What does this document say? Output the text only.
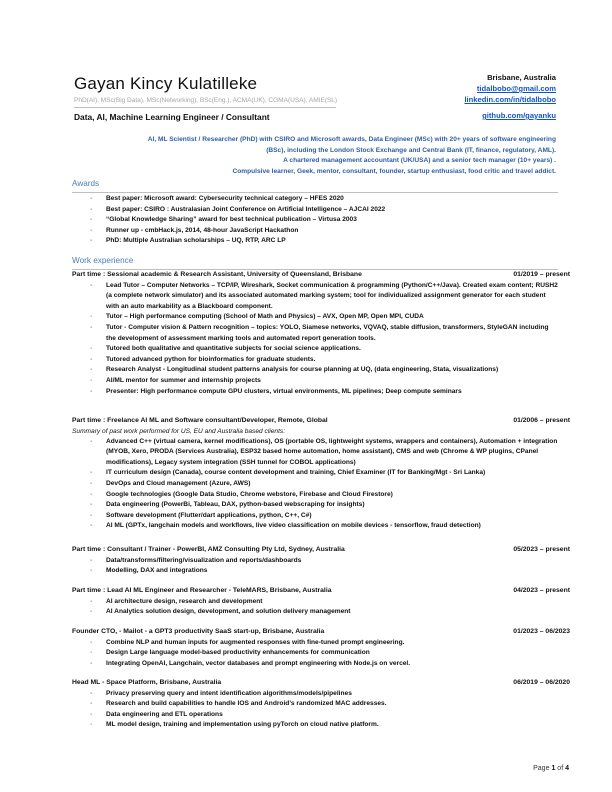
Gayan Kincy Kulatilleke
PhD(AI), MSc(Big Data), MSc(Networking), BSc(Eng.), ACMA(UK), CGMA(USA), AMIE(SL)
Data, AI, Machine Learning Engineer / Consultant
Brisbane, Australia
tidalbobo@gmail.com
linkedin.com/in/tidalbobo
github.com/gayanku
AI, ML Scientist / Researcher (PhD) with CSIRO and Microsoft awards, Data Engineer (MSc) with 20+ years of software engineering
(BSc), including the London Stock Exchange and Central Bank (IT, finance, regulatory, AML).
A chartered management accountant (UK/USA) and a senior tech manager (10+ years) .
Compulsive learner, Geek, mentor, consultant, founder, startup enthusiast, food critic and travel addict.
Awards
▪ Best paper: Microsoft award: Cybersecurity technical category – HFES 2020
▪ Best paper: CSIRO : Australasian Joint Conference on Artificial Intelligence – AJCAI 2022
▪ “Global Knowledge Sharing” award for best technical publication – Virtusa 2003
▪ Runner up - cmbHack.js, 2014, 48-hour JavaScript Hackathon
▪ PhD: Multiple Australian scholarships – UQ, RTP, ARC LP
Work experience
Part time : Sessional academic & Research Assistant, University of Queensland, Brisbane	01/2019 – present
▪ Lead Tutor – Computer Networks – TCP/IP, Wireshark, Socket communication & programming (Python/C++/Java). Created exam content; RUSH2 (a complete network simulator) and its associated automated marking system; tool for individualized assignment generator for each student with an auto markability as a Blackboard component.
▪ Tutor – High performance computing (School of Math and Physics) – AVX, Open MP, Open MPI, CUDA
▪ Tutor - Computer vision & Pattern recognition – topics: YOLO, Siamese networks, VQVAQ, stable diffusion, transformers, StyleGAN including the development of assessment marking tools and automated report generation tools.
▪ Tutored both qualitative and quantitative subjects for social science applications.
▪ Tutored advanced python for bioinformatics for graduate students.
▪ Research Analyst - Longitudinal student patterns analysis for course planning at UQ, (data engineering, Stata, visualizations)
▪ AI/ML mentor for summer and internship projects
▪ Presenter: High performance compute GPU clusters, virtual environments, ML pipelines; Deep compute seminars
Part time : Freelance AI ML and Software consultant/Developer, Remote, Global	01/2006 – present
Summary of past work performed for US, EU and Australia based clients:
▪ Advanced C++ (virtual camera, kernel modifications), OS (portable OS, lightweight systems, wrappers and containers), Automation + integration (MYOB, Xero, PRODA (Services Australia), ESP32 based home automation, home assistant), CMS and web (Chrome & WP plugins, CPanel modifications), Legacy system integration (SSH tunnel for COBOL applications)
▪ IT curriculum design (Canada), course content development and training, Chief Examiner (IT for Banking/Mgt - Sri Lanka)
▪ DevOps and Cloud management (Azure, AWS)
▪ Google technologies (Google Data Studio, Chrome webstore, Firebase and Cloud Firestore)
▪ Data engineering (PowerBi, Tableau, DAX, python-based webscraping for insights)
▪ Software development (Flutter/dart applications, python, C++, C#)
▪ AI ML (GPTx, langchain models and workflows, live video classification on mobile devices - tensorflow, fraud detection)
Part time : Consultant / Trainer - PowerBI, AMZ Consulting Pty Ltd, Sydney, Australia	05/2023 – present
▪ Data/transforms/filtering/visualization and reports/dashboards
▪ Modelling, DAX and integrations
Part time : Lead AI ML Engineer and Researcher - TeleMARS, Brisbane, Australia	04/2023 – present
▪ AI architecture design, research and development
▪ AI Analytics solution design, development, and solution delivery management
Founder CTO, - Mailot - a GPT3 productivity SaaS start-up, Brisbane, Australia	01/2023 – 06/2023
▪ Combine NLP and human inputs for augmented responses with fine-tuned prompt engineering.
▪ Design Large language model-based productivity enhancements for communication
▪ Integrating OpenAI, Langchain, vector databases and prompt engineering with Node.js on vercel.
Head ML - Space Platform, Brisbane, Australia	06/2019 – 06/2020
▪ Privacy preserving query and intent identification algorithms/models/pipelines
▪ Research and build capabilities to handle IOS and Android’s randomized MAC addresses.
▪ Data engineering and ETL operations
▪ ML model design, training and implementation using pyTorch on cloud native platform.
Page 1 of 4
